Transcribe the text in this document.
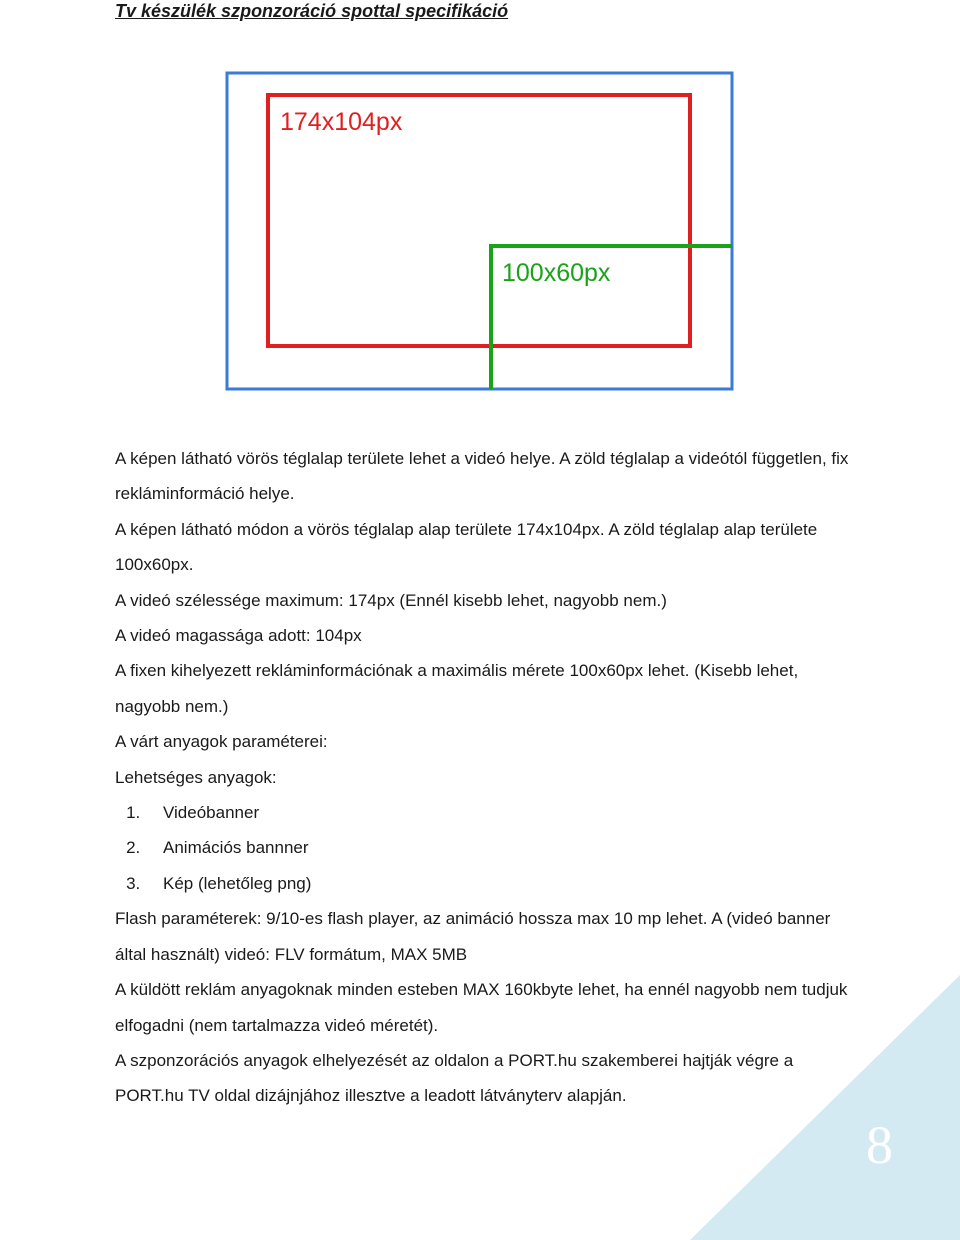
Tv készülék szponzoráció spottal specifikáció
174x104px
100x60px

A képen látható vörös téglalap területe lehet a videó helye. A zöld téglalap a videótól független, fix rekláminformáció helye.

A képen látható módon a vörös téglalap alap területe 174x104px. A zöld téglalap alap területe 100x60px.

A videó szélessége maximum: 174px (Ennél kisebb lehet, nagyobb nem.)

A videó magassága adott: 104px

A fixen kihelyezett rekláminformációnak a maximális mérete 100x60px lehet. (Kisebb lehet, nagyobb nem.)

A várt anyagok paraméterei:

Lehetséges anyagok:

1. Videóbanner
2. Animációs bannner
3. Kép (lehetőleg png)

Flash paraméterek: 9/10-es flash player, az animáció hossza max 10 mp lehet. A (videó banner által használt) videó: FLV formátum, MAX 5MB

A küldött reklám anyagoknak minden esteben MAX 160kbyte lehet, ha ennél nagyobb nem tudjuk elfogadni (nem tartalmazza videó méretét).

A szponzorációs anyagok elhelyezését az oldalon a PORT.hu szakemberei hajtják végre a PORT.hu TV oldal dizájnjához illesztve a leadott látványterv alapján.

8
